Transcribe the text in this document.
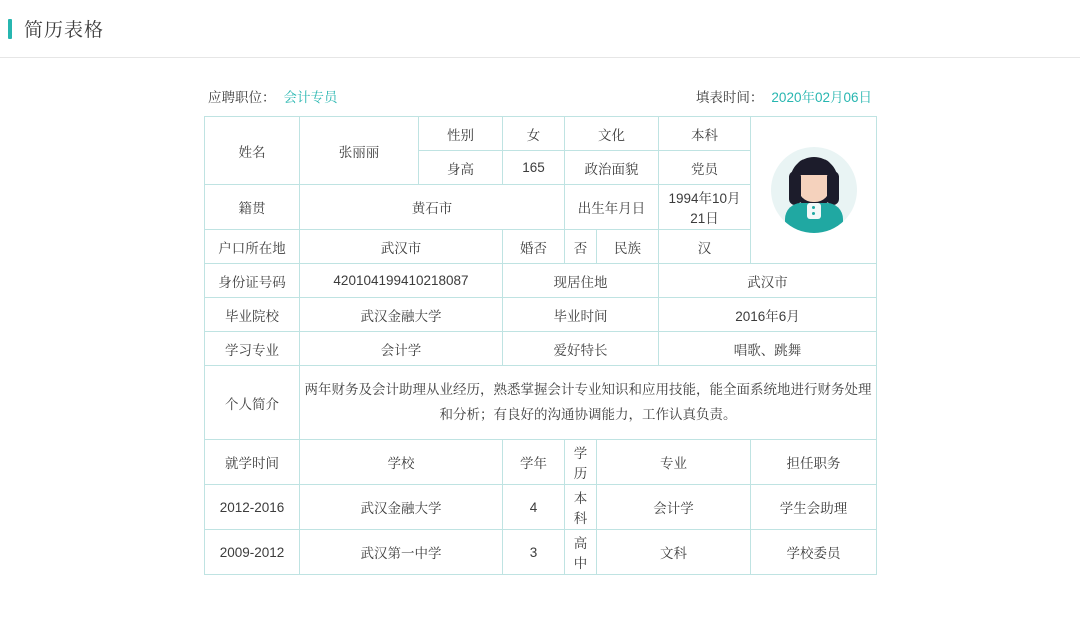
简历表格
应聘职位： 会计专员	填表时间： 2020年02月06日
姓名	张丽丽	性别	女	文化		本科	

		身高	165	政治面貌		党员	
籍贯	黄石市			出生年月日		1994年10月21日	
户口所在地	武汉市		婚否	否	民族	汉	
身份证号码	420104199410218087		现居住地			武汉市	
毕业院校	武汉金融大学		毕业时间			2016年6月	
学习专业	会计学		爱好特长			唱歌、跳舞	
个人简介	两年财务及会计助理从业经历，熟悉掌握会计专业知识和应用技能，能全面系统地进行财务处理和分析；有良好的沟通协调能力，工作认真负责。						
就学时间	学校		学年	学历	专业		担任职务
2012-2016	武汉金融大学		4	本科	会计学		学生会助理
2009-2012	武汉第一中学		3	高中	文科		学校委员
